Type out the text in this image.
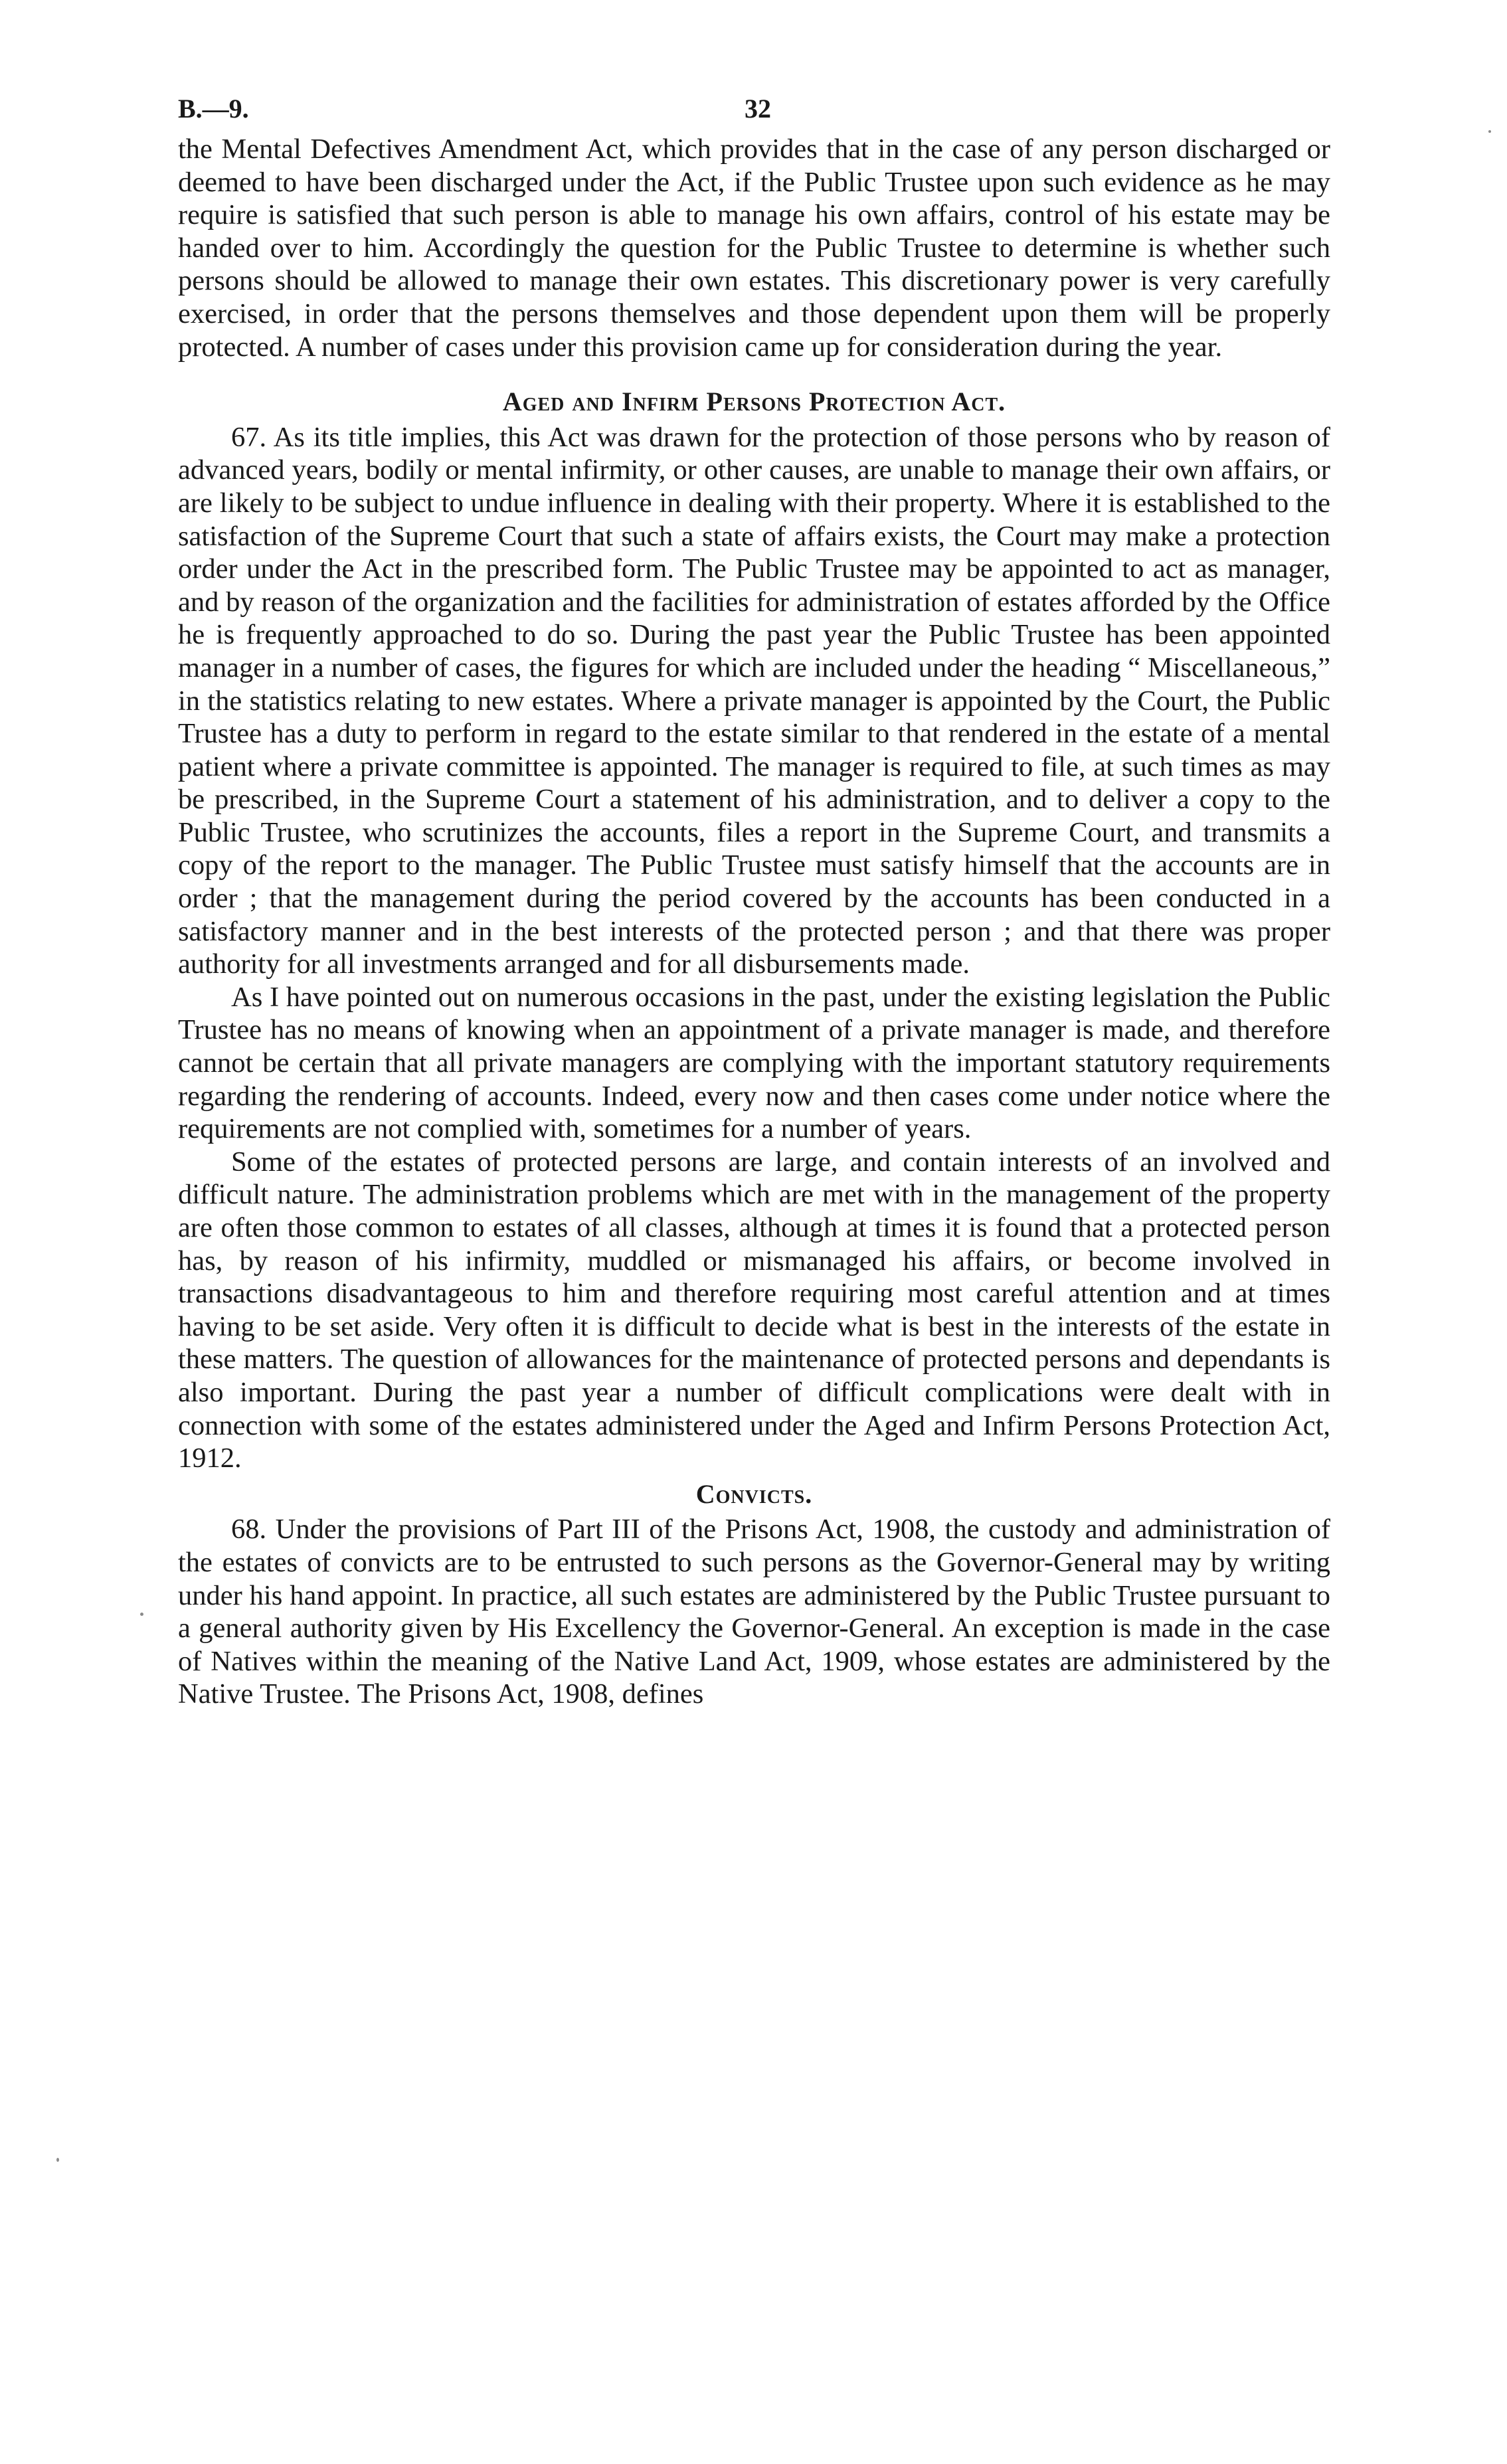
B.—9.	32

the Mental Defectives Amendment Act, which provides that in the case of any person discharged or deemed to have been discharged under the Act, if the Public Trustee upon such evidence as he may require is satisfied that such person is able to manage his own affairs, control of his estate may be handed over to him. Accordingly the question for the Public Trustee to determine is whether such persons should be allowed to manage their own estates. This discretionary power is very carefully exercised, in order that the persons themselves and those dependent upon them will be properly protected. A number of cases under this provision came up for consideration during the year.

Aged and Infirm Persons Protection Act.

67. As its title implies, this Act was drawn for the protection of those persons who by reason of advanced years, bodily or mental infirmity, or other causes, are unable to manage their own affairs, or are likely to be subject to undue influence in dealing with their property. Where it is established to the satisfaction of the Supreme Court that such a state of affairs exists, the Court may make a protection order under the Act in the prescribed form. The Public Trustee may be appointed to act as manager, and by reason of the organization and the facilities for administration of estates afforded by the Office he is frequently approached to do so. During the past year the Public Trustee has been appointed manager in a number of cases, the figures for which are included under the heading “ Miscellaneous,” in the statistics relating to new estates. Where a private manager is appointed by the Court, the Public Trustee has a duty to perform in regard to the estate similar to that rendered in the estate of a mental patient where a private committee is appointed. The manager is required to file, at such times as may be prescribed, in the Supreme Court a statement of his administration, and to deliver a copy to the Public Trustee, who scrutinizes the accounts, files a report in the Supreme Court, and transmits a copy of the report to the manager. The Public Trustee must satisfy himself that the accounts are in order ; that the management during the period covered by the accounts has been conducted in a satisfactory manner and in the best interests of the protected person ; and that there was proper authority for all investments arranged and for all disbursements made.

As I have pointed out on numerous occasions in the past, under the existing legislation the Public Trustee has no means of knowing when an appointment of a private manager is made, and therefore cannot be certain that all private managers are complying with the important statutory requirements regarding the rendering of accounts. Indeed, every now and then cases come under notice where the requirements are not complied with, sometimes for a number of years.

Some of the estates of protected persons are large, and contain interests of an involved and difficult nature. The administration problems which are met with in the management of the property are often those common to estates of all classes, although at times it is found that a protected person has, by reason of his infirmity, muddled or mismanaged his affairs, or become involved in transactions disadvantageous to him and therefore requiring most careful attention and at times having to be set aside. Very often it is difficult to decide what is best in the interests of the estate in these matters. The question of allowances for the maintenance of protected persons and dependants is also important. During the past year a number of difficult complications were dealt with in connection with some of the estates administered under the Aged and Infirm Persons Protection Act, 1912.

Convicts.

68. Under the provisions of Part III of the Prisons Act, 1908, the custody and administration of the estates of convicts are to be entrusted to such persons as the Governor-General may by writing under his hand appoint. In practice, all such estates are administered by the Public Trustee pursuant to a general authority given by His Excellency the Governor-General. An exception is made in the case of Natives within the meaning of the Native Land Act, 1909, whose estates are administered by the Native Trustee. The Prisons Act, 1908, defines
